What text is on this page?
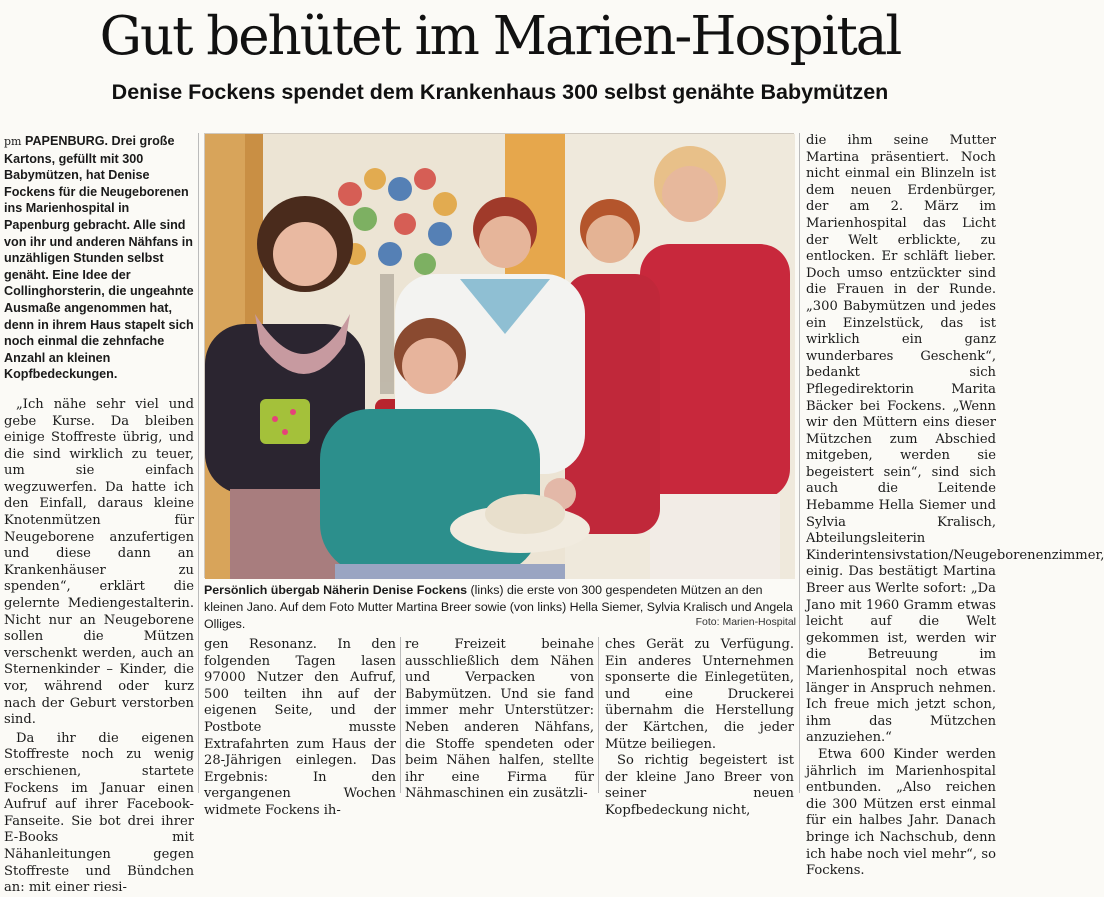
Gut behütet im Marien-Hospital
Denise Fockens spendet dem Krankenhaus 300 selbst genähte Babymützen
pm PAPENBURG. Drei große Kartons, gefüllt mit 300 Babymützen, hat Denise Fockens für die Neugeborenen ins Marienhospital in Papenburg gebracht. Alle sind von ihr und anderen Nähfans in unzähligen Stunden selbst genäht. Eine Idee der Collinghorsterin, die ungeahnte Ausmaße angenommen hat, denn in ihrem Haus stapelt sich noch einmal die zehnfache Anzahl an kleinen Kopfbedeckungen.

„Ich nähe sehr viel und gebe Kurse. Da bleiben einige Stoffreste übrig, und die sind wirklich zu teuer, um sie einfach wegzuwerfen. Da hatte ich den Einfall, daraus kleine Knotenmützen für Neugeborene anzufertigen und diese dann an Krankenhäuser zu spenden“, erklärt die gelernte Mediengestalterin. Nicht nur an Neugeborene sollen die Mützen verschenkt werden, auch an Sternenkinder – Kinder, die vor, während oder kurz nach der Geburt verstorben sind.

Da ihr die eigenen Stoffreste noch zu wenig erschienen, startete Fockens im Januar einen Aufruf auf ihrer Facebook-Fanseite. Sie bot drei ihrer E-Books mit Nähanleitungen gegen Stoffreste und Bündchen an: mit einer riesi-

Persönlich übergab Näherin Denise Fockens (links) die erste von 300 gespendeten Mützen an den kleinen Jano. Auf dem Foto Mutter Martina Breer sowie (von links) Hella Siemer, Sylvia Kralisch und Angela Olliges.	Foto: Marien-Hospital

gen Resonanz. In den folgenden Tagen lasen 97000 Nutzer den Aufruf, 500 teilten ihn auf der eigenen Seite, und der Postbote musste Extrafahrten zum Haus der 28-Jährigen einlegen. Das Ergebnis: In den vergangenen Wochen widmete Fockens ih-

re Freizeit beinahe ausschließlich dem Nähen und Verpacken von Babymützen. Und sie fand immer mehr Unterstützer: Neben anderen Nähfans, die Stoffe spendeten oder beim Nähen halfen, stellte ihr eine Firma für Nähmaschinen ein zusätzli-

ches Gerät zu Verfügung. Ein anderes Unternehmen sponserte die Einlegetüten, und eine Druckerei übernahm die Herstellung der Kärtchen, die jeder Mütze beiliegen.

So richtig begeistert ist der kleine Jano Breer von seiner neuen Kopfbedeckung nicht,

die ihm seine Mutter Martina präsentiert. Noch nicht einmal ein Blinzeln ist dem neuen Erdenbürger, der am 2. März im Marienhospital das Licht der Welt erblickte, zu entlocken. Er schläft lieber. Doch umso entzückter sind die Frauen in der Runde. „300 Babymützen und jedes ein Einzelstück, das ist wirklich ein ganz wunderbares Geschenk“, bedankt sich Pflegedirektorin Marita Bäcker bei Fockens. „Wenn wir den Müttern eins dieser Mützchen zum Abschied mitgeben, werden sie begeistert sein“, sind sich auch die Leitende Hebamme Hella Siemer und Sylvia Kralisch, Abteilungsleiterin Kinderintensivstation/Neugeborenenzimmer, einig. Das bestätigt Martina Breer aus Werlte sofort: „Da Jano mit 1960 Gramm etwas leicht auf die Welt gekommen ist, werden wir die Betreuung im Marienhospital noch etwas länger in Anspruch nehmen. Ich freue mich jetzt schon, ihm das Mützchen anzuziehen.“

Etwa 600 Kinder werden jährlich im Marienhospital entbunden. „Also reichen die 300 Mützen erst einmal für ein halbes Jahr. Danach bringe ich Nachschub, denn ich habe noch viel mehr“, so Fockens.
